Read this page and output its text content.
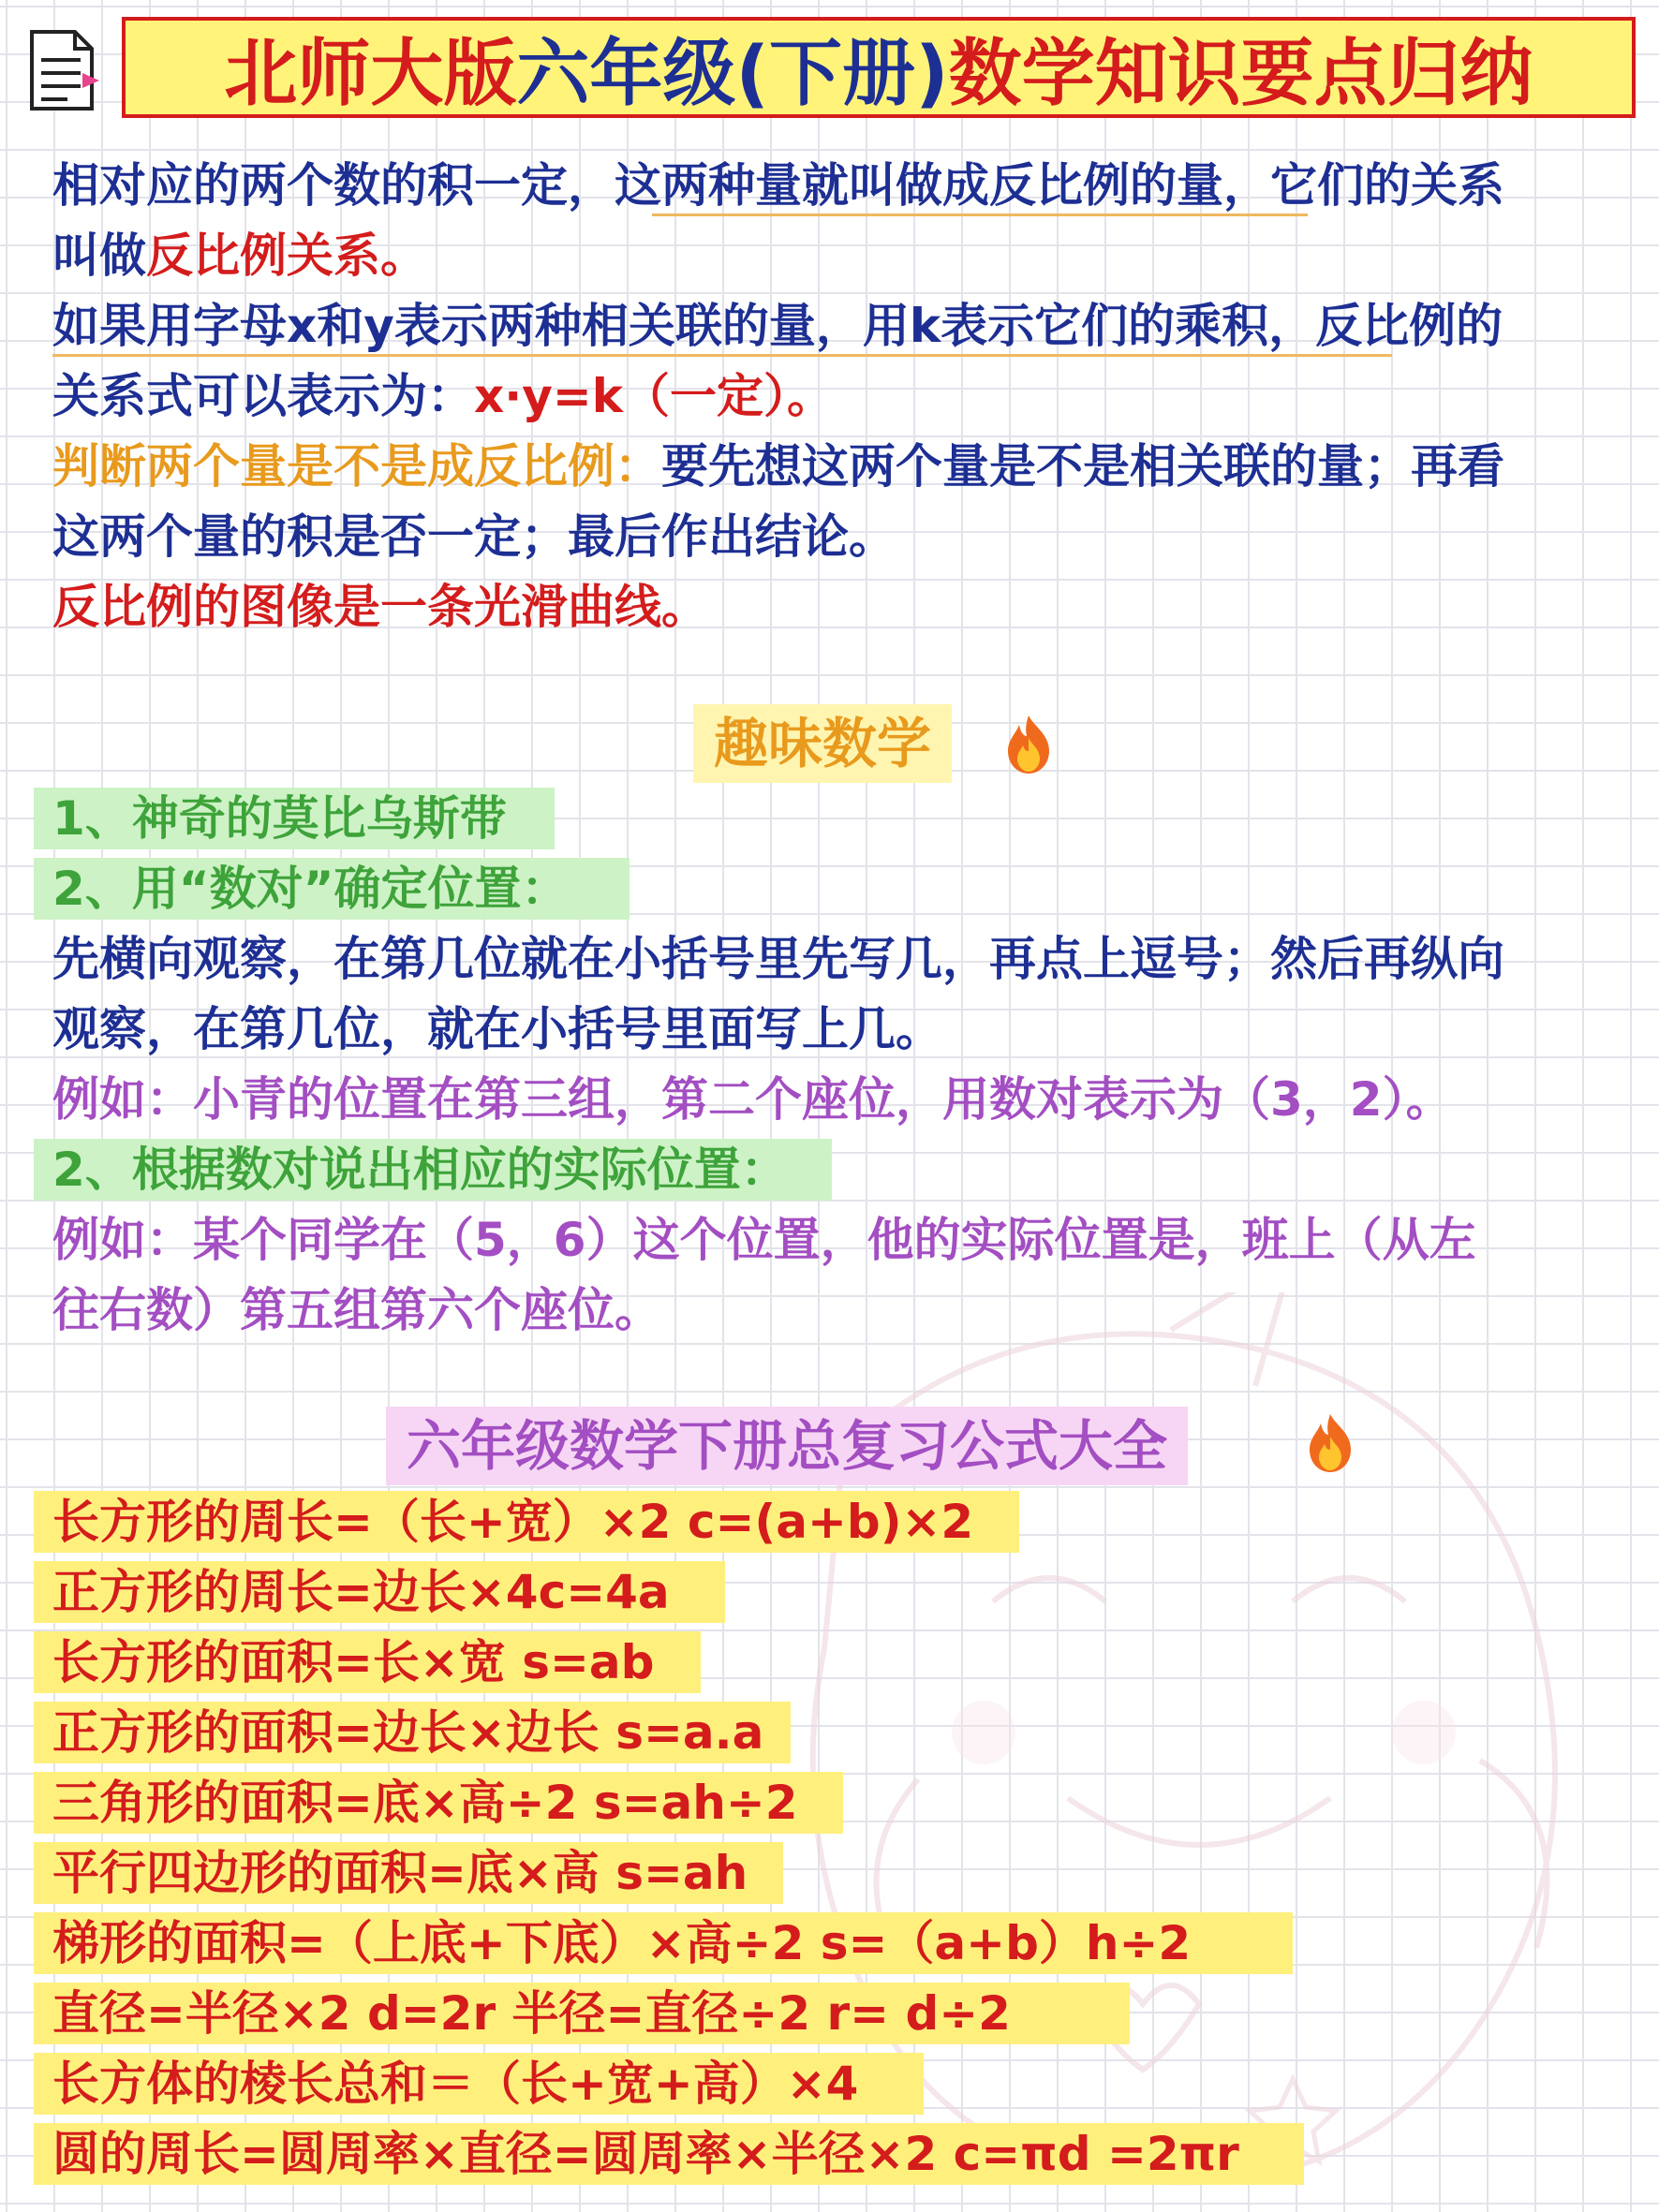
北师大版 六年级(下册) 数学知识要点归纳
相对应的两个数的积一定，这两种量就叫做成反比例的量，它们的关系
叫做反比例关系。
如果用字母x和y表示两种相关联的量，用k表示它们的乘积，反比例的
关系式可以表示为：x·y=k（一定）。
判断两个量是不是成反比例：要先想这两个量是不是相关联的量；再看
这两个量的积是否一定；最后作出结论。
反比例的图像是一条光滑曲线。
趣味数学
1、神奇的莫比乌斯带
2、用“数对”确定位置：
先横向观察，在第几位就在小括号里先写几，再点上逗号；然后再纵向
观察，在第几位，就在小括号里面写上几。
例如：小青的位置在第三组，第二个座位，用数对表示为（3，2）。
2、根据数对说出相应的实际位置：
例如：某个同学在（5，6）这个位置，他的实际位置是，班上（从左
往右数）第五组第六个座位。
六年级数学下册总复习公式大全
长方形的周长=（长+宽）×2 c=(a+b)×2
正方形的周长=边长×4c=4a
长方形的面积=长×宽 s=ab
正方形的面积=边长×边长 s=a.a
三角形的面积=底×高÷2 s=ah÷2
平行四边形的面积=底×高 s=ah
梯形的面积=（上底+下底）×高÷2 s=（a+b）h÷2
直径=半径×2 d=2r 半径=直径÷2 r= d÷2
长方体的棱长总和＝（长+宽+高）×4
圆的周长=圆周率×直径=圆周率×半径×2 c=πd =2πr
